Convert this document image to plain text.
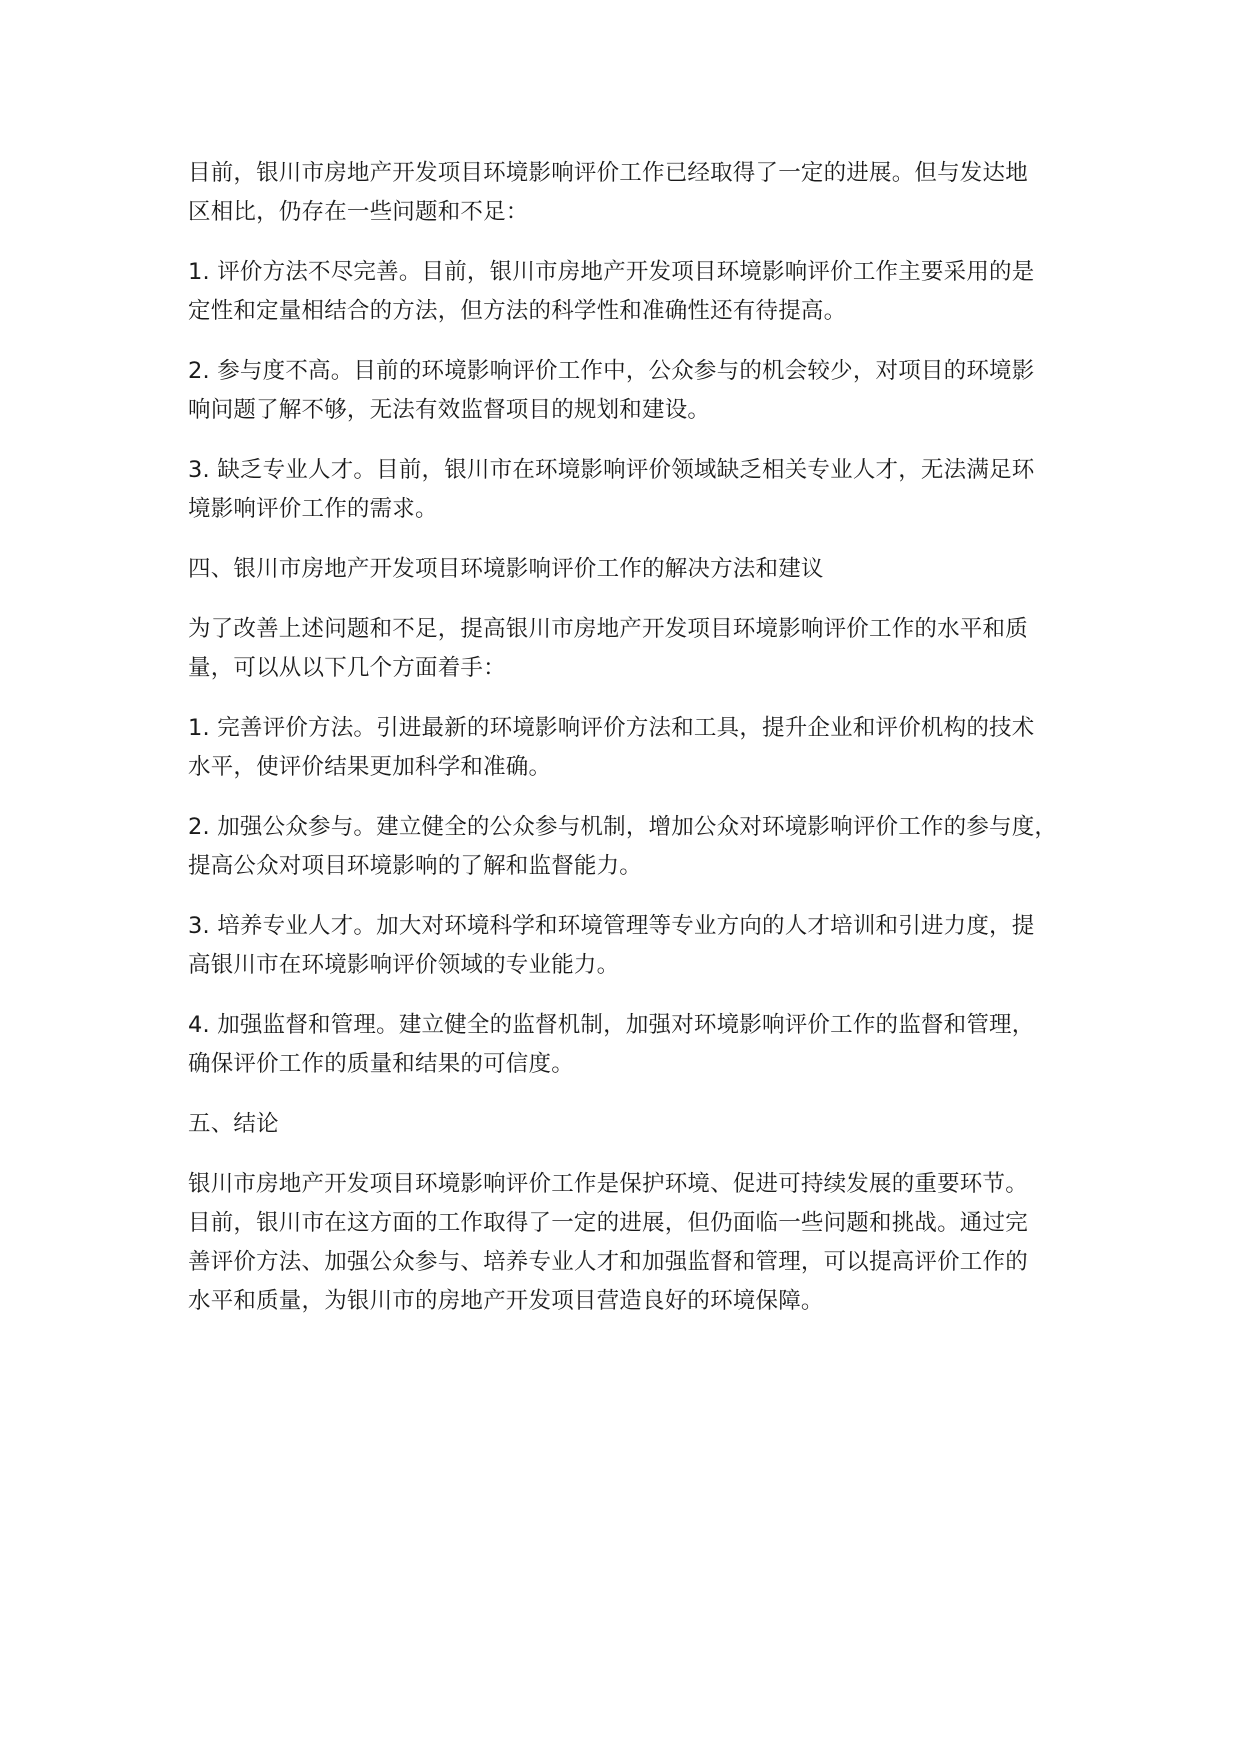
目前，银川市房地产开发项目环境影响评价工作已经取得了一定的进展。但与发达地
区相比，仍存在一些问题和不足：

1. 评价方法不尽完善。目前，银川市房地产开发项目环境影响评价工作主要采用的是
定性和定量相结合的方法，但方法的科学性和准确性还有待提高。

2. 参与度不高。目前的环境影响评价工作中，公众参与的机会较少，对项目的环境影
响问题了解不够，无法有效监督项目的规划和建设。

3. 缺乏专业人才。目前，银川市在环境影响评价领域缺乏相关专业人才，无法满足环
境影响评价工作的需求。

四、银川市房地产开发项目环境影响评价工作的解决方法和建议

为了改善上述问题和不足，提高银川市房地产开发项目环境影响评价工作的水平和质
量，可以从以下几个方面着手：

1. 完善评价方法。引进最新的环境影响评价方法和工具，提升企业和评价机构的技术
水平，使评价结果更加科学和准确。

2. 加强公众参与。建立健全的公众参与机制，增加公众对环境影响评价工作的参与度，
提高公众对项目环境影响的了解和监督能力。

3. 培养专业人才。加大对环境科学和环境管理等专业方向的人才培训和引进力度，提
高银川市在环境影响评价领域的专业能力。

4. 加强监督和管理。建立健全的监督机制，加强对环境影响评价工作的监督和管理，
确保评价工作的质量和结果的可信度。

五、结论

银川市房地产开发项目环境影响评价工作是保护环境、促进可持续发展的重要环节。
目前，银川市在这方面的工作取得了一定的进展，但仍面临一些问题和挑战。通过完
善评价方法、加强公众参与、培养专业人才和加强监督和管理，可以提高评价工作的
水平和质量，为银川市的房地产开发项目营造良好的环境保障。
